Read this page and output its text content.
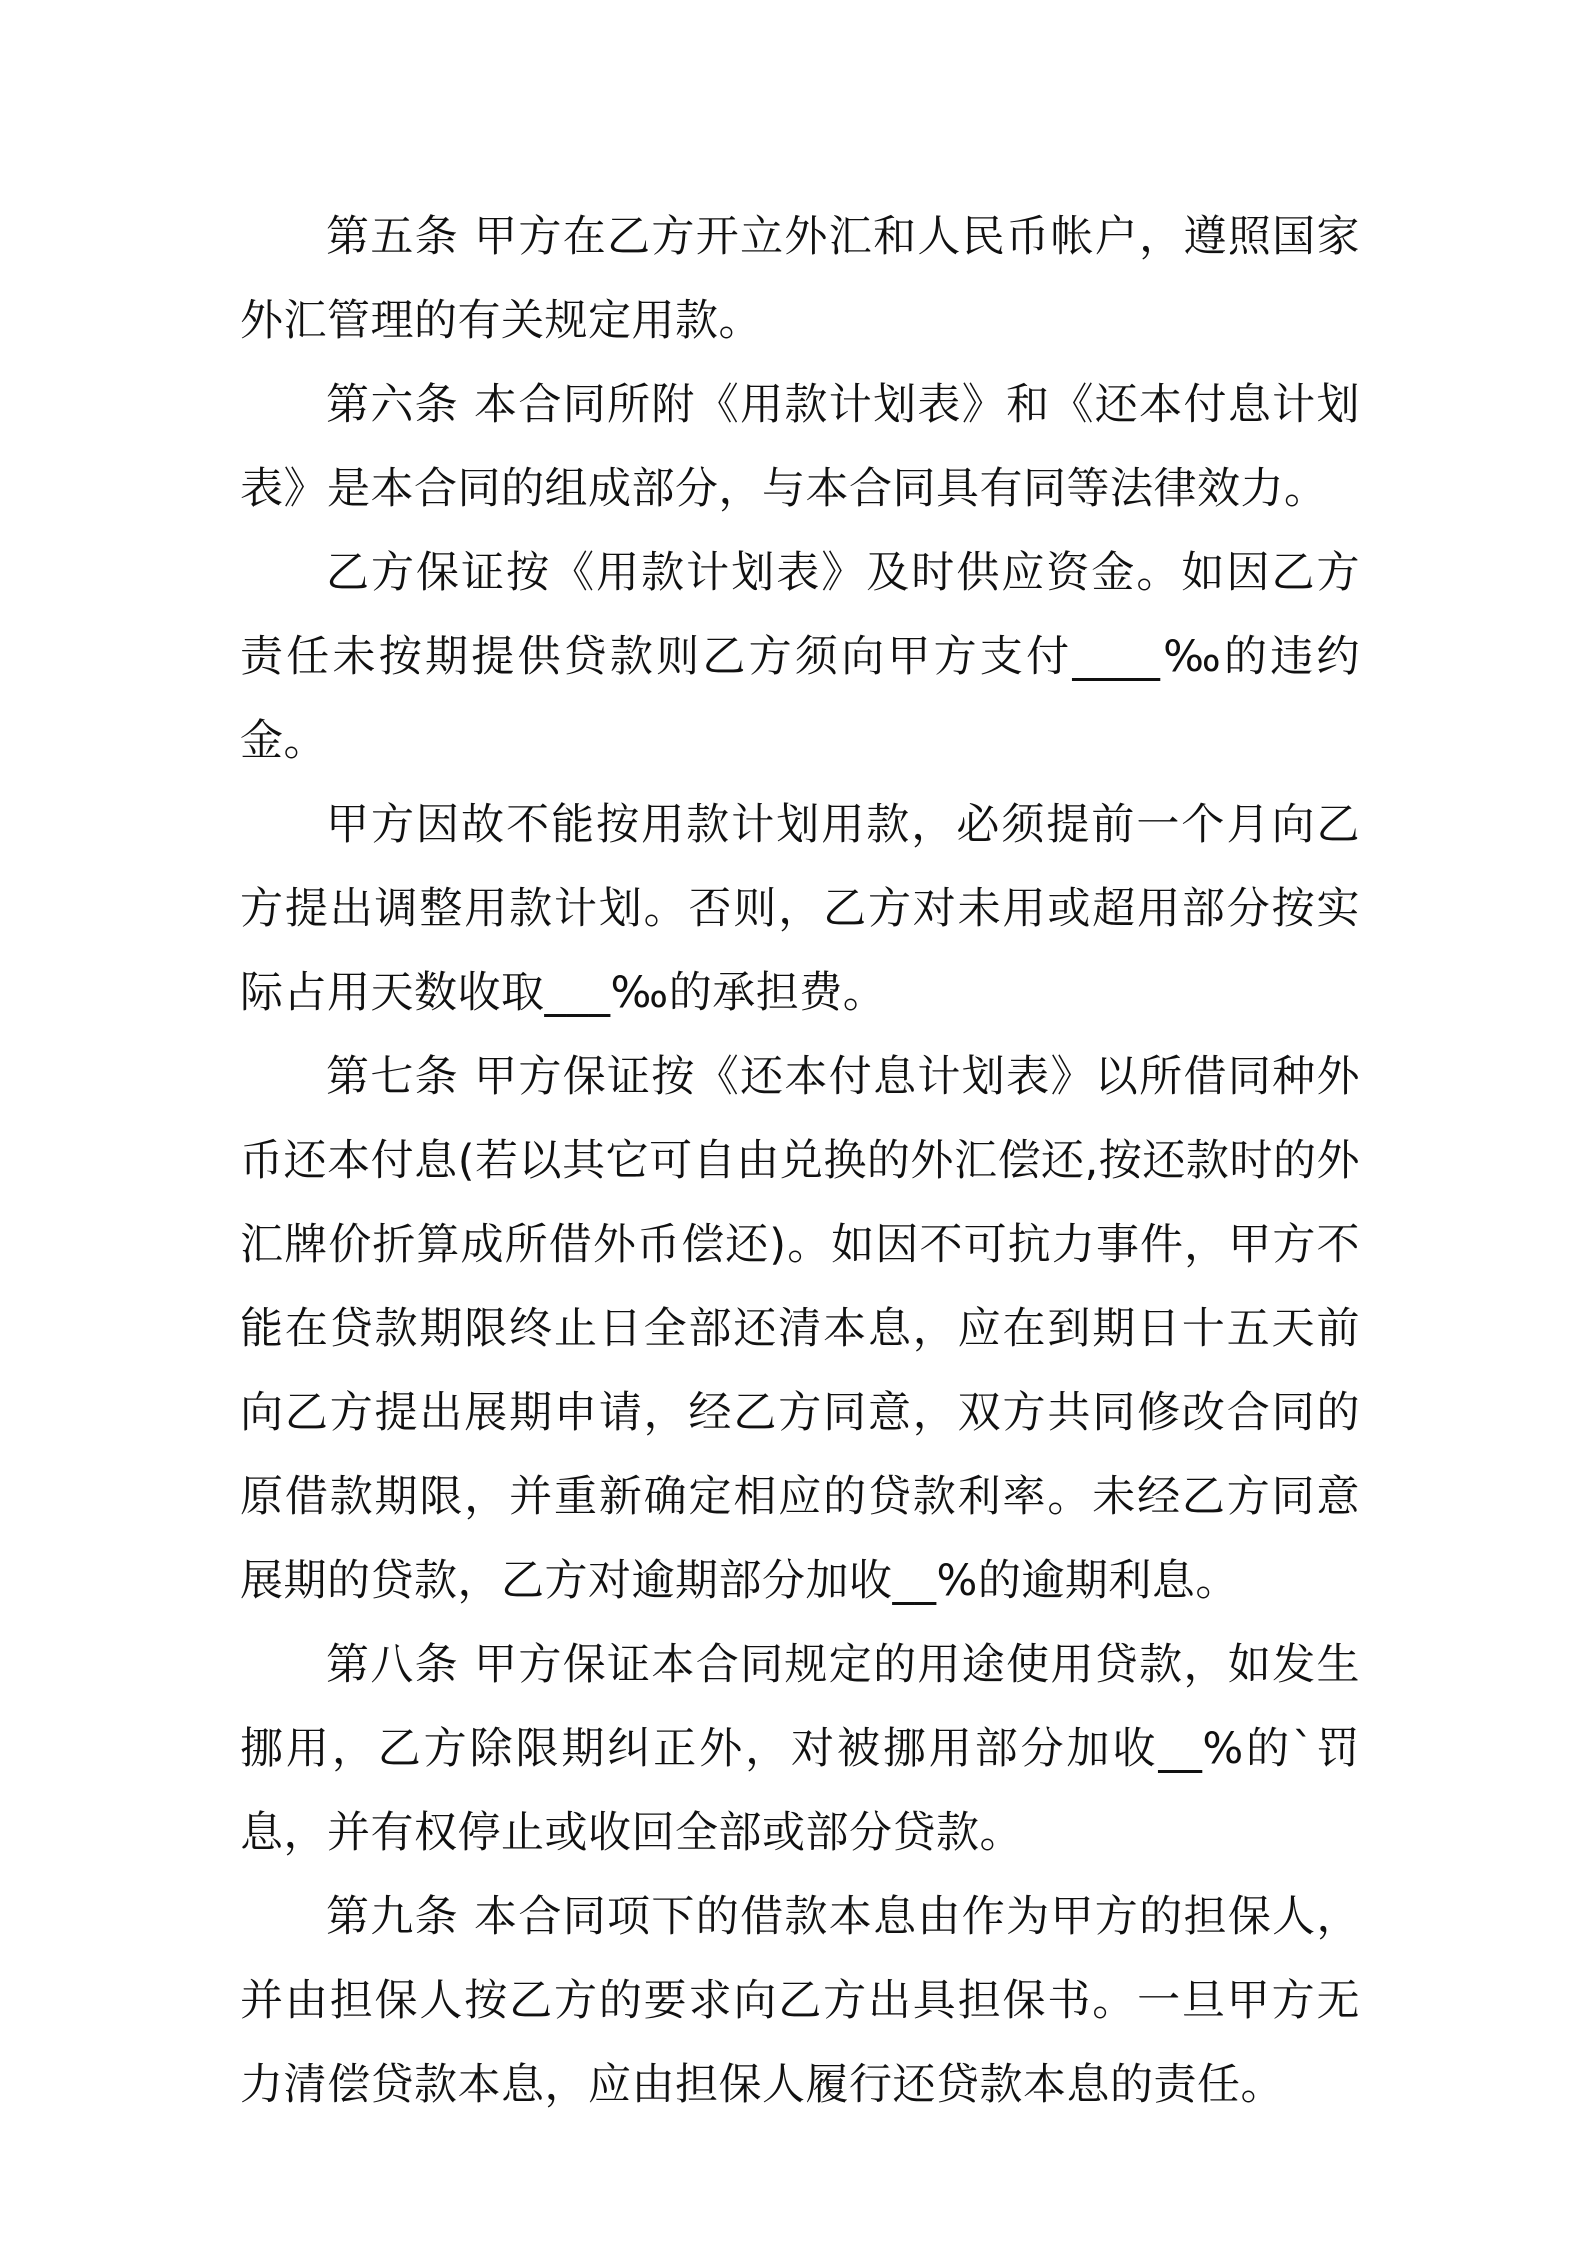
第五条 甲方在乙方开立外汇和人民币帐户，遵照国家外汇管理的有关规定用款。

第六条 本合同所附《用款计划表》和《还本付息计划表》是本合同的组成部分，与本合同具有同等法律效力。

乙方保证按《用款计划表》及时供应资金。如因乙方责任未按期提供贷款则乙方须向甲方支付____‰的违约金。

甲方因故不能按用款计划用款，必须提前一个月向乙方提出调整用款计划。否则，乙方对未用或超用部分按实际占用天数收取___‰的承担费。

第七条 甲方保证按《还本付息计划表》以所借同种外币还本付息(若以其它可自由兑换的外汇偿还,按还款时的外汇牌价折算成所借外币偿还)。如因不可抗力事件，甲方不能在贷款期限终止日全部还清本息，应在到期日十五天前向乙方提出展期申请，经乙方同意，双方共同修改合同的原借款期限，并重新确定相应的贷款利率。未经乙方同意展期的贷款，乙方对逾期部分加收__%的逾期利息。

第八条 甲方保证本合同规定的用途使用贷款，如发生挪用，乙方除限期纠正外，对被挪用部分加收__%的`罚息，并有权停止或收回全部或部分贷款。

第九条 本合同项下的借款本息由作为甲方的担保人，并由担保人按乙方的要求向乙方出具担保书。一旦甲方无力清偿贷款本息，应由担保人履行还贷款本息的责任。
